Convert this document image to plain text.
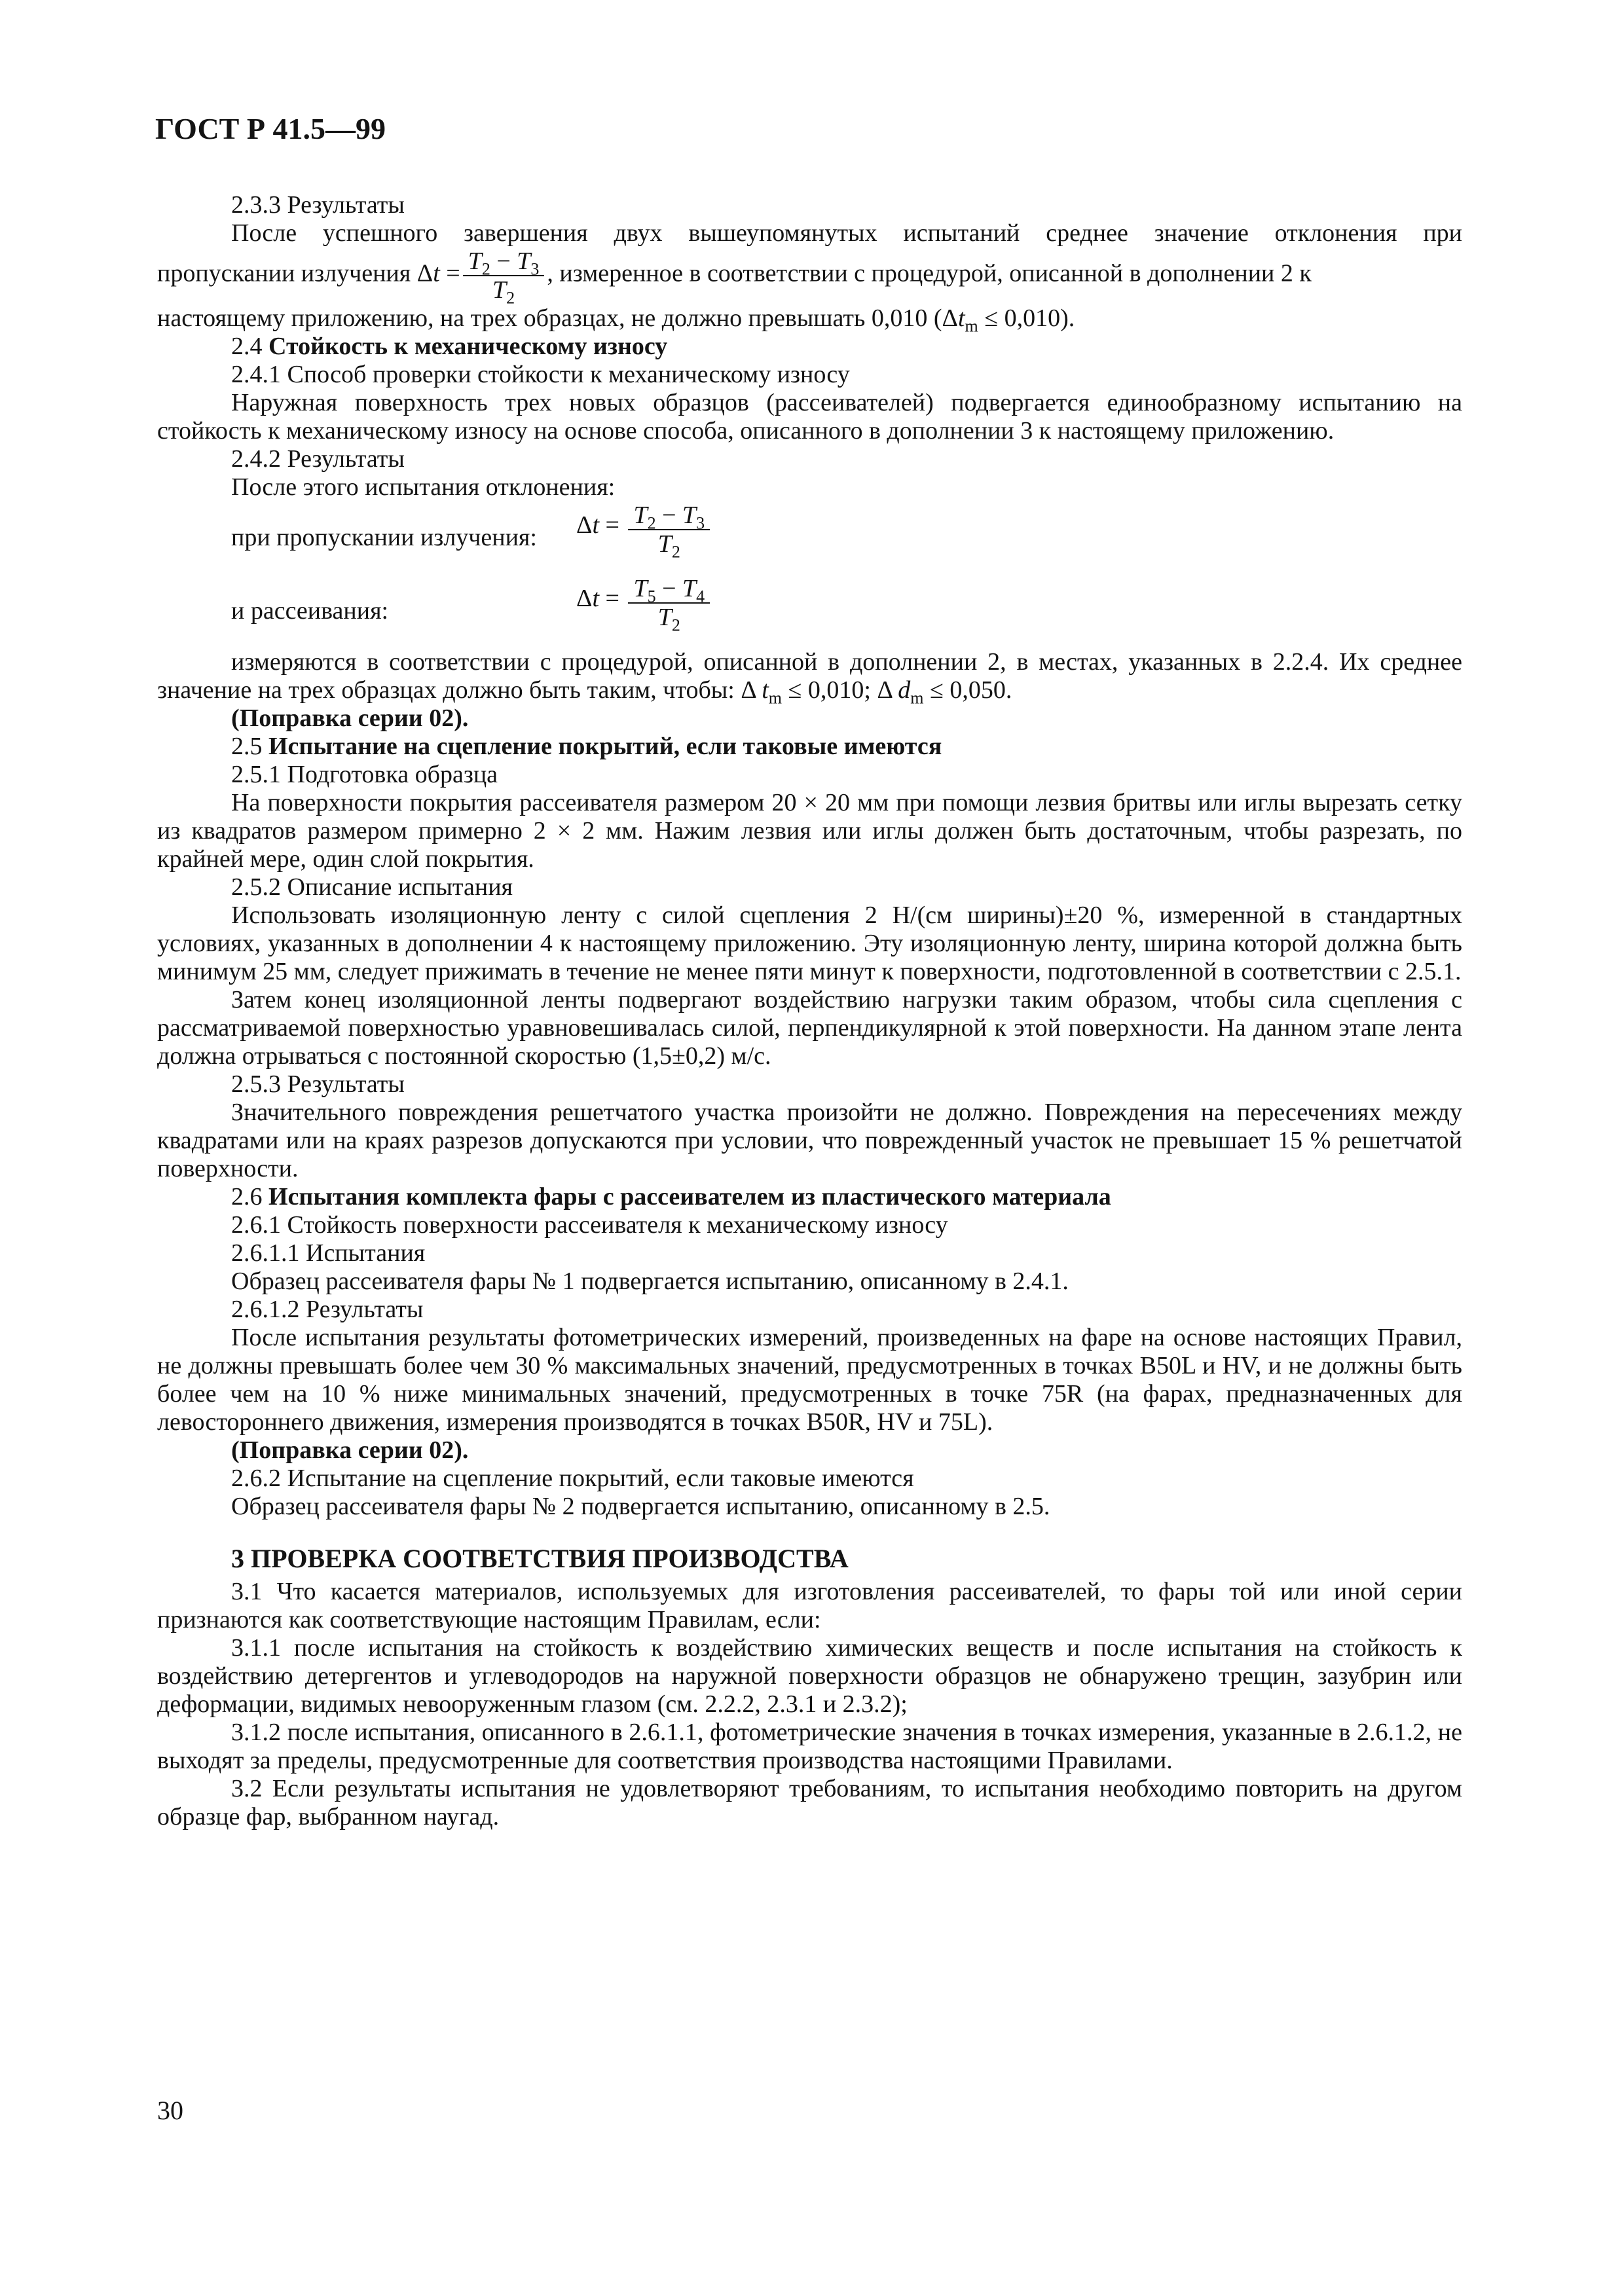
ГОСТ Р 41.5—99

2.3.3 Результаты

После успешного завершения двух вышеупомянутых испытаний среднее значение отклонения при

пропускании излучения $\Delta t = \frac{T_2 - T_3}{T_2}$ , измеренное в соответствии с процедурой, описанной в дополнении 2 к

настоящему приложению, на трех образцах, не должно превышать 0,010 $(\Delta t_m \le 0,010)$.

2.4 Стойкость к механическому износу

2.4.1 Способ проверки стойкости к механическому износу

Наружная поверхность трех новых образцов (рассеивателей) подвергается единообразному испытанию на стойкость к механическому износу на основе способа, описанного в дополнении 3 к настоящему приложению.

2.4.2 Результаты

После этого испытания отклонения:

при пропускании излучения: $\Delta t = \frac{T_2 - T_3}{T_2}$
и рассеивания:	$\Delta t = \frac{T_5 - T_4}{T_2}$

измеряются в соответствии с процедурой, описанной в дополнении 2, в местах, указанных в 2.2.4. Их среднее значение на трех образцах должно быть таким, чтобы: Δ $t_m \le 0,010$; Δ $d_m \le 0,050$.

(Поправка серии 02).

2.5 Испытание на сцепление покрытий, если таковые имеются

2.5.1 Подготовка образца

На поверхности покрытия рассеивателя размером 20 × 20 мм при помощи лезвия бритвы или иглы вырезать сетку из квадратов размером примерно 2 × 2 мм. Нажим лезвия или иглы должен быть достаточным, чтобы разрезать, по крайней мере, один слой покрытия.

2.5.2 Описание испытания

Использовать изоляционную ленту с силой сцепления 2 Н/(см ширины)±20 %, измеренной в стандартных условиях, указанных в дополнении 4 к настоящему приложению. Эту изоляционную ленту, ширина которой должна быть минимум 25 мм, следует прижимать в течение не менее пяти минут к поверхности, подготовленной в соответствии с 2.5.1.

Затем конец изоляционной ленты подвергают воздействию нагрузки таким образом, чтобы сила сцепления с рассматриваемой поверхностью уравновешивалась силой, перпендикулярной к этой поверхности. На данном этапе лента должна отрываться с постоянной скоростью (1,5±0,2) м/с.

2.5.3 Результаты

Значительного повреждения решетчатого участка произойти не должно. Повреждения на пересечениях между квадратами или на краях разрезов допускаются при условии, что поврежденный участок не превышает 15 % решетчатой поверхности.

2.6 Испытания комплекта фары с рассеивателем из пластического материала

2.6.1 Стойкость поверхности рассеивателя к механическому износу

2.6.1.1 Испытания

Образец рассеивателя фары № 1 подвергается испытанию, описанному в 2.4.1.

2.6.1.2 Результаты

После испытания результаты фотометрических измерений, произведенных на фаре на основе настоящих Правил, не должны превышать более чем 30 % максимальных значений, предусмотренных в точках B50L и HV, и не должны быть более чем на 10 % ниже минимальных значений, предусмотренных в точке 75R (на фарах, предназначенных для левостороннего движения, измерения производятся в точках B50R, HV и 75L).

(Поправка серии 02).

2.6.2 Испытание на сцепление покрытий, если таковые имеются

Образец рассеивателя фары № 2 подвергается испытанию, описанному в 2.5.

3 ПРОВЕРКА СООТВЕТСТВИЯ ПРОИЗВОДСТВА

3.1 Что касается материалов, используемых для изготовления рассеивателей, то фары той или иной серии признаются как соответствующие настоящим Правилам, если:

3.1.1 после испытания на стойкость к воздействию химических веществ и после испытания на стойкость к воздействию детергентов и углеводородов на наружной поверхности образцов не обнаружено трещин, зазубрин или деформации, видимых невооруженным глазом (см. 2.2.2, 2.3.1 и 2.3.2);

3.1.2 после испытания, описанного в 2.6.1.1, фотометрические значения в точках измерения, указанные в 2.6.1.2, не выходят за пределы, предусмотренные для соответствия производства настоящими Правилами.

3.2 Если результаты испытания не удовлетворяют требованиям, то испытания необходимо повторить на другом образце фар, выбранном наугад.

30
